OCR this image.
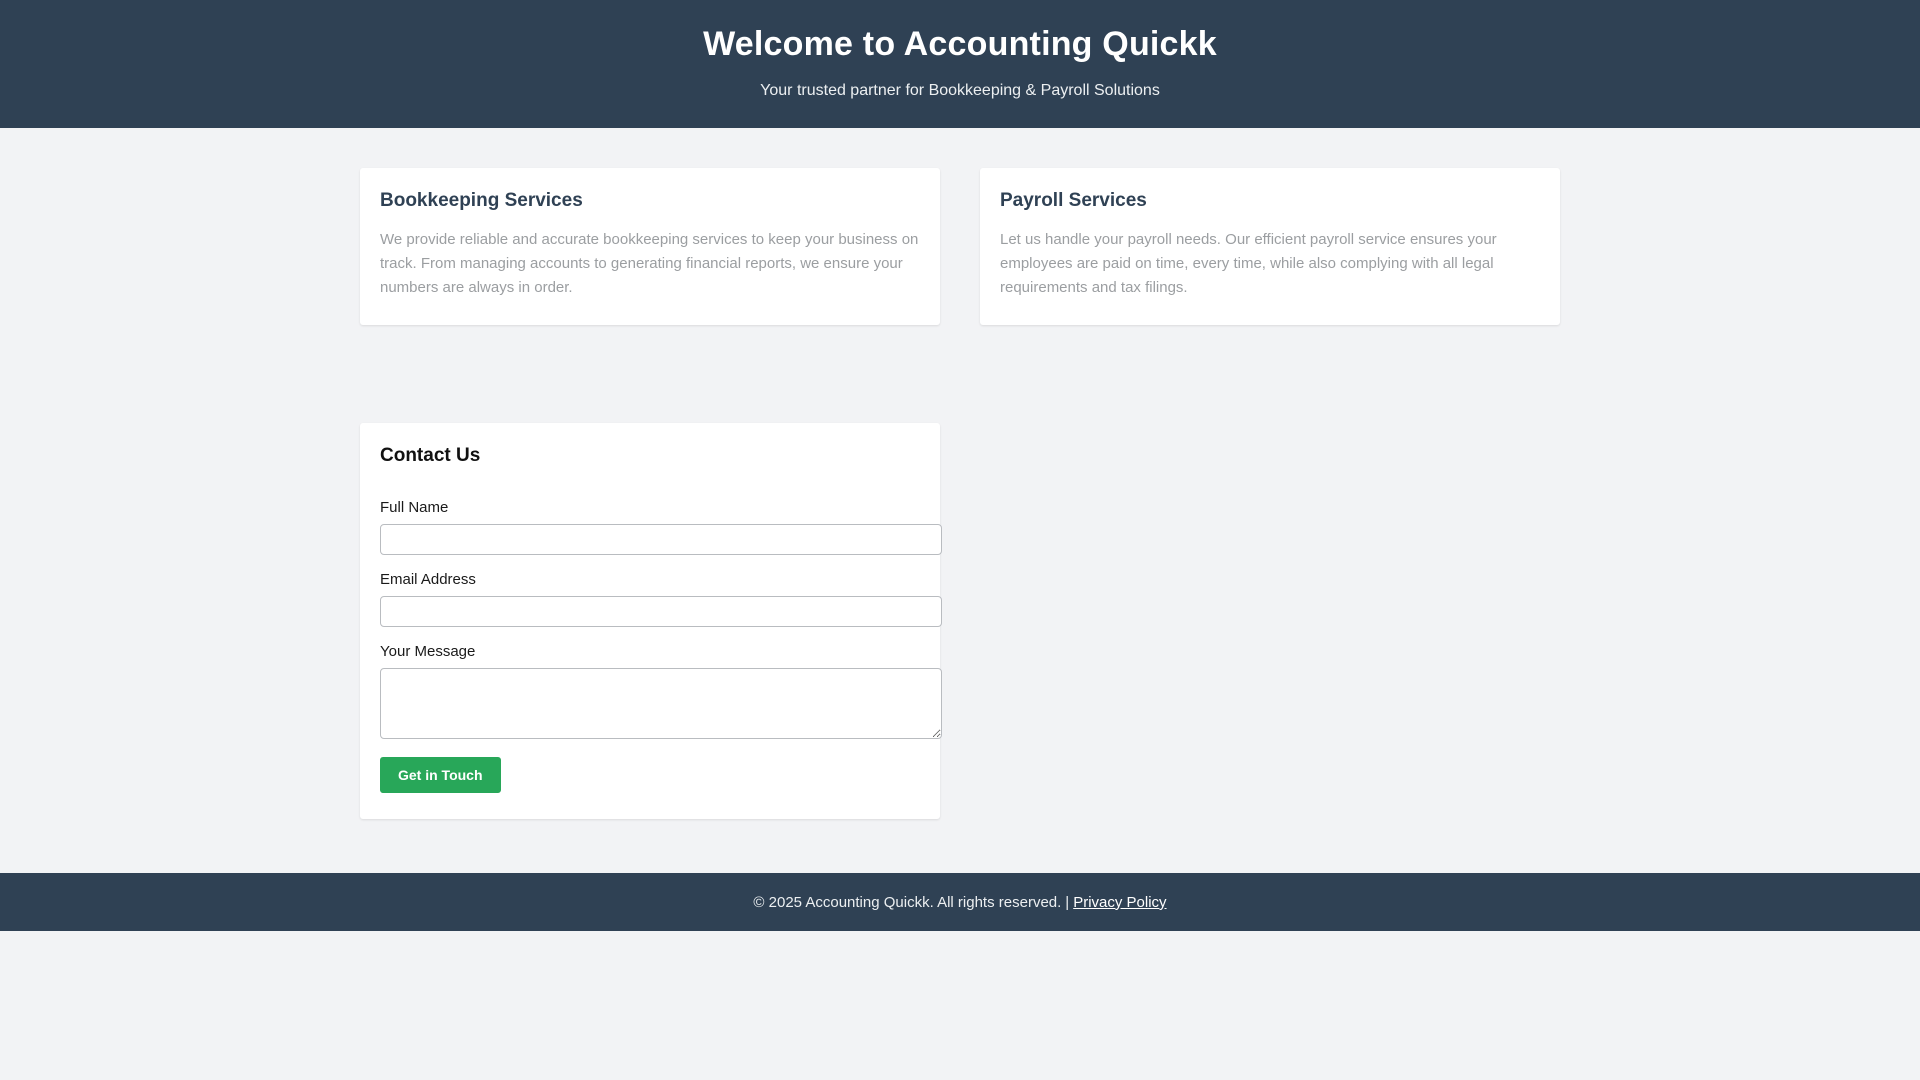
Welcome to Accounting Quickk

Your trusted partner for Bookkeeping & Payroll Solutions

Bookkeeping Services

We provide reliable and accurate bookkeeping services to keep your business on track. From managing accounts to generating financial reports, we ensure your numbers are always in order.

Payroll Services

Let us handle your payroll needs. Our efficient payroll service ensures your employees are paid on time, every time, while also complying with all legal requirements and tax filings.

Contact Us
Full Name
Email Address
Your Message
Get in Touch
© 2025 Accounting Quickk. All rights reserved. | Privacy Policy
